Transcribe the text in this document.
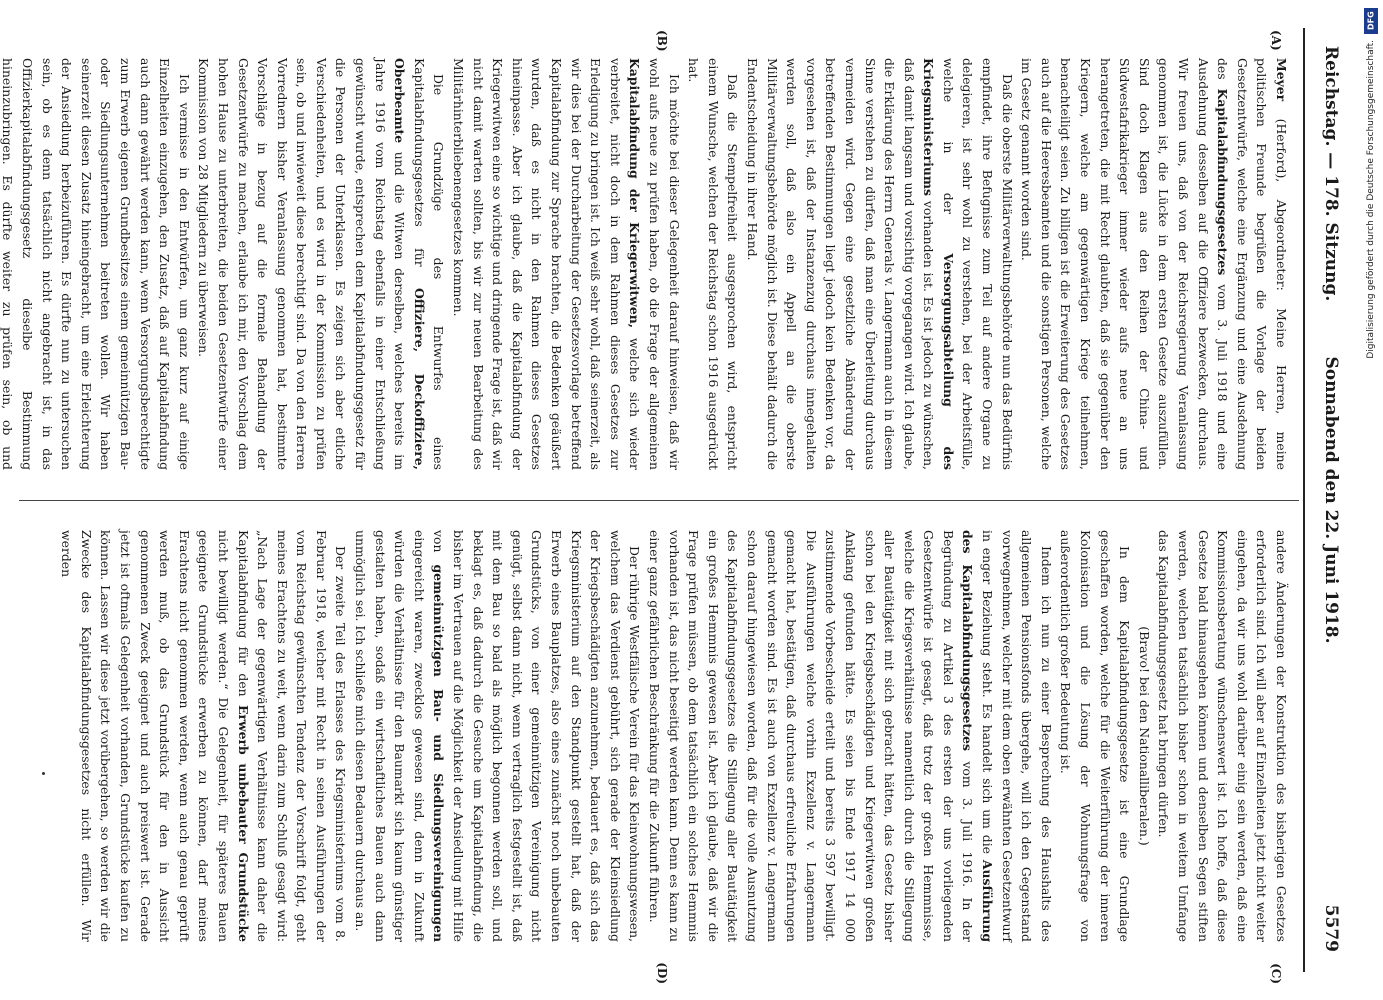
Reichstag. — 178. Sitzung.
Sonnabend den 22. Juni 1918.
5579
(A)
(B)

Meyer (Herford), Abgeordneter: Meine Herren, meine politischen Freunde begrüßen die Vorlage der beiden Gesetzentwürfe, welche eine Ergänzung und eine Ausdehnung des Kapitalabfindungsgesetzes vom 3. Juli 1918 und eine Ausdehnung desselben auf die Offiziere bezwecken, durchaus. Wir freuen uns, daß von der Reichsregierung Veranlassung genommen ist, die Lücke in dem ersten Gesetze auszufüllen. Sind doch Klagen aus den Reihen der China- und Südwestafrikakrieger immer wieder aufs neue an uns herangetreten, die mit Recht glaubten, daß sie gegenüber den Kriegern, welche am gegenwärtigen Kriege teilnehmen, benachteiligt seien. Zu billigen ist die Erweiterung des Gesetzes auch auf die Heeresbeamten und die sonstigen Personen, welche im Gesetz genannt worden sind.

Daß die oberste Militärverwaltungsbehörde nun das Bedürfnis empfindet, ihre Befugnisse zum Teil auf andere Organe zu delegieren, ist sehr wohl zu verstehen, bei der Arbeitsfülle, welche in der Versorgungsabteilung des Kriegsministeriums vorhanden ist. Es ist jedoch zu wünschen, daß damit langsam und vorsichtig vorgegangen wird. Ich glaube, die Erklärung des Herrn Generals v. Langermann auch in diesem Sinne verstehen zu dürfen, daß man eine Überleitung durchaus vermeiden wird. Gegen eine gesetzliche Abänderung der betreffenden Bestimmungen liegt jedoch kein Bedenken vor, da vorgesehen ist, daß der Instanzenzug durchaus innegehalten werden soll, daß also ein Appell an die oberste Militärverwaltungsbehörde möglich ist. Diese behält dadurch die Endentscheidung in ihrer Hand.

Daß die Stempelfreiheit ausgesprochen wird, entspricht einem Wunsche, welchen der Reichstag schon 1916 ausgedrückt hat.

Ich möchte bei dieser Gelegenheit darauf hinweisen, daß wir wohl aufs neue zu prüfen haben, ob die Frage der allgemeinen Kapitalabfindung der Kriegerwitwen, welche sich wieder verbreitet, nicht doch in dem Rahmen dieses Gesetzes zur Erledigung zu bringen ist. Ich weiß sehr wohl, daß seinerzeit, als wir dies bei der Durcharbeitung der Gesetzesvorlage betreffend Kapitalabfindung zur Sprache brachten, die Bedenken geäußert wurden, daß es nicht in den Rahmen dieses Gesetzes hineinpasse. Aber ich glaube, daß die Kapitalabfindung der Kriegerwitwen eine so wichtige und dringende Frage ist, daß wir nicht damit warten sollten, bis wir zur neuen Bearbeitung des Militärhinterbliebenengesetzes kommen.

Die Grundzüge des Entwurfes eines Kapitalabfindungsgesetzes für Offiziere, Deckoffiziere, Oberbeamte und die Witwen derselben, welches bereits im Jahre 1916 vom Reichstag ebenfalls in einer Entschließung gewünscht wurde, entsprechen dem Kapitalabfindungsgesetz für die Personen der Unterklassen. Es zeigen sich aber etliche Verschiedenheiten, und es wird in der Kommission zu prüfen sein, ob und inwieweit diese berechtigt sind. Da von den Herren Vorrednern bisher Veranlassung genommen hat, bestimmte Vorschläge in bezug auf die formale Behandlung der Gesetzentwürfe zu machen, erlaube ich mir, den Vorschlag dem hohen Hause zu unterbreiten, die beiden Gesetzentwürfe einer Kommission von 28 Mitgliedern zu überweisen.

Ich vermisse in den Entwürfen, um ganz kurz auf einige Einzelheiten einzugehen, den Zusatz, daß auf Kapitalabfindung auch dann gewährt werden kann, wenn Versorgungsberechtigte zum Erwerb eigenen Grundbesitzes einem gemeinnützigen Bau- oder Siedlungsunternehmen beitreten wollen. Wir haben seinerzeit diesen Zusatz hineingebracht, um eine Erleichterung der Ansiedlung herbeizuführen. Es dürfte nun zu untersuchen sein, ob es denn tatsächlich nicht angebracht ist, in das Offizierkapitalabfindungsgesetz dieselbe Bestimmung hineinzubringen. Es dürfte weiter zu prüfen sein, ob und

(C)
(D)

andere Änderungen der Konstruktion des bisherigen Gesetzes erforderlich sind. Ich will aber auf Einzelheiten jetzt nicht weiter eingehen, da wir uns wohl darüber einig sein werden, daß eine Kommissionsberatung wünschenswert ist. Ich hoffe, daß diese Gesetze bald hinausgehen können und denselben Segen stiften werden, welchen tatsächlich bisher schon in weitem Umfange das Kapitalabfindungsgesetz hat bringen dürfen.

(Bravo! bei den Nationalliberalen.)

In dem Kapitalabfindungsgesetze ist eine Grundlage geschaffen worden, welche für die Weiterführung der inneren Kolonisation und die Lösung der Wohnungsfrage von außerordentlich großer Bedeutung ist.

Indem ich nun zu einer Besprechung des Haushalts des allgemeinen Pensionsfonds übergehe, will ich den Gegenstand vorwegnehmen, welcher mit dem oben erwähnten Gesetzentwurf in enger Beziehung steht. Es handelt sich um die Ausführung des Kapitalabfindungsgesetzes vom 3. Juli 1916. In der Begründung zu Artikel 3 des ersten der uns vorliegenden Gesetzentwürfe ist gesagt, daß trotz der großen Hemmnisse, welche die Kriegsverhältnisse namentlich durch die Stillegung aller Bautätigkeit mit sich gebracht hätten, das Gesetz bisher schon bei den Kriegsbeschädigten und Kriegerwitwen großen Anklang gefunden hätte. Es seien bis Ende 1917 14 000 zustimmende Vorbescheide erteilt und bereits 3 597 bewilligt. Die Ausführungen welche vorhin Exzellenz v. Langermann gemacht hat, bestätigen, daß durchaus erfreuliche Erfahrungen gemacht worden sind. Es ist auch von Exzellenz v. Langermann schon darauf hingewiesen worden, daß für die volle Ausnutzung des Kapitalabfindungsgesetzes die Stillegung aller Bautätigkeit ein großes Hemmnis gewesen ist. Aber ich glaube, daß wir die Frage prüfen müssen, ob dem tatsächlich ein solches Hemmnis vorhanden ist, das nicht beseitigt werden kann. Denn es kann zu einer ganz gefährlichen Beschränkung für die Zukunft führen.

Der rührige Westfälische Verein für das Kleinwohnungswesen, welchem das Verdienst gebührt, sich gerade der Kleinsiedlung der Kriegsbeschädigten anzunehmen, bedauert es, daß sich das Kriegsministerium auf den Standpunkt gestellt hat, daß der Erwerb eines Bauplatzes, also eines zunächst noch unbebauten Grundstücks, von einer gemeinnützigen Vereinigung nicht genügt, selbst dann nicht, wenn vertraglich festgestellt ist, daß mit dem Bau so bald als möglich begonnen werden soll, und beklagt es, daß dadurch die Gesuche um Kapitalabfindung, die bisher im Vertrauen auf die Möglichkeit der Ansiedlung mit Hilfe von gemeinnützigen Bau- und Siedlungsvereinigungen eingereicht waren, zwecklos gewesen sind, denn in Zukunft würden die Verhältnisse für den Baumarkt sich kaum günstiger gestalten haben, sodaß ein wirtschaftliches Bauen auch dann unmöglich sei. Ich schließe mich diesen Bedauern durchaus an.

Der zweite Teil des Erlasses des Kriegsministeriums vom 8. Februar 1918, welcher mit Recht in seinen Ausführungen der vom Reichstag gewünschten Tendenz der Vorschrift folgt, geht meines Erachtens zu weit, wenn darin zum Schluß gesagt wird: „Nach Lage der gegenwärtigen Verhältnisse kann daher die Kapitalabfindung für den Erwerb unbebauter Grundstücke nicht bewilligt werden.“ Die Gelegenheit, für späteres Bauen geeignete Grundstücke erwerben zu können, darf meines Erachtens nicht genommen werden, wenn auch genau geprüft werden muß, ob das Grundstück für den in Aussicht genommenen Zweck geeignet und auch preiswert ist. Gerade jetzt ist oftmals Gelegenheit vorhanden, Grundstücke kaufen zu können. Lassen wir diese jetzt vorübergehen, so werden wir die Zwecke des Kapitalabfindungsgesetzes nicht erfüllen. Wir werden

DFG
Digitalisierung gefördert durch die Deutsche Forschungsgemeinschaft.
